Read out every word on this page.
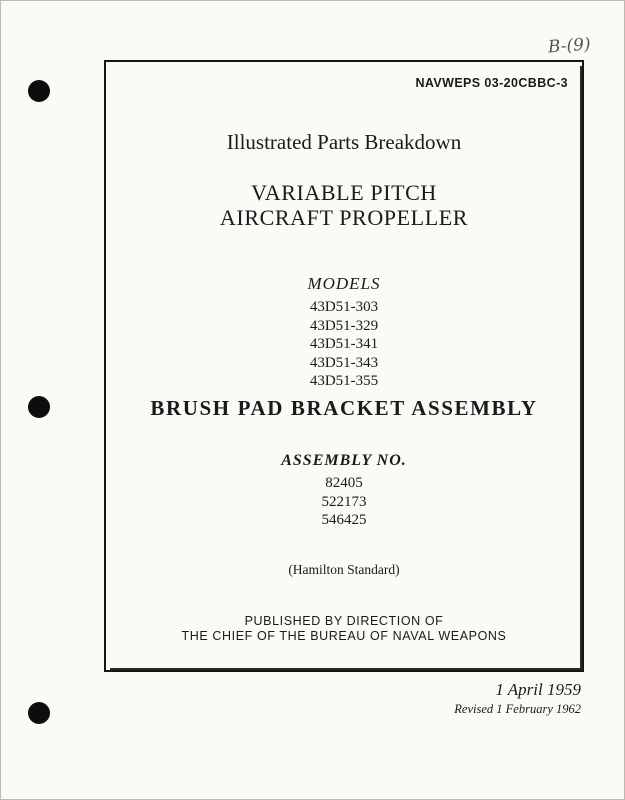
B-(9)
NAVWEPS 03-20CBBC-3
Illustrated Parts Breakdown
VARIABLE PITCH
AIRCRAFT PROPELLER
MODELS
43D51-303
43D51-329
43D51-341
43D51-343
43D51-355
BRUSH PAD BRACKET ASSEMBLY
ASSEMBLY NO.
82405
522173
546425
(Hamilton Standard)
PUBLISHED BY DIRECTION OF
THE CHIEF OF THE BUREAU OF NAVAL WEAPONS
1 April 1959
Revised 1 February 1962
